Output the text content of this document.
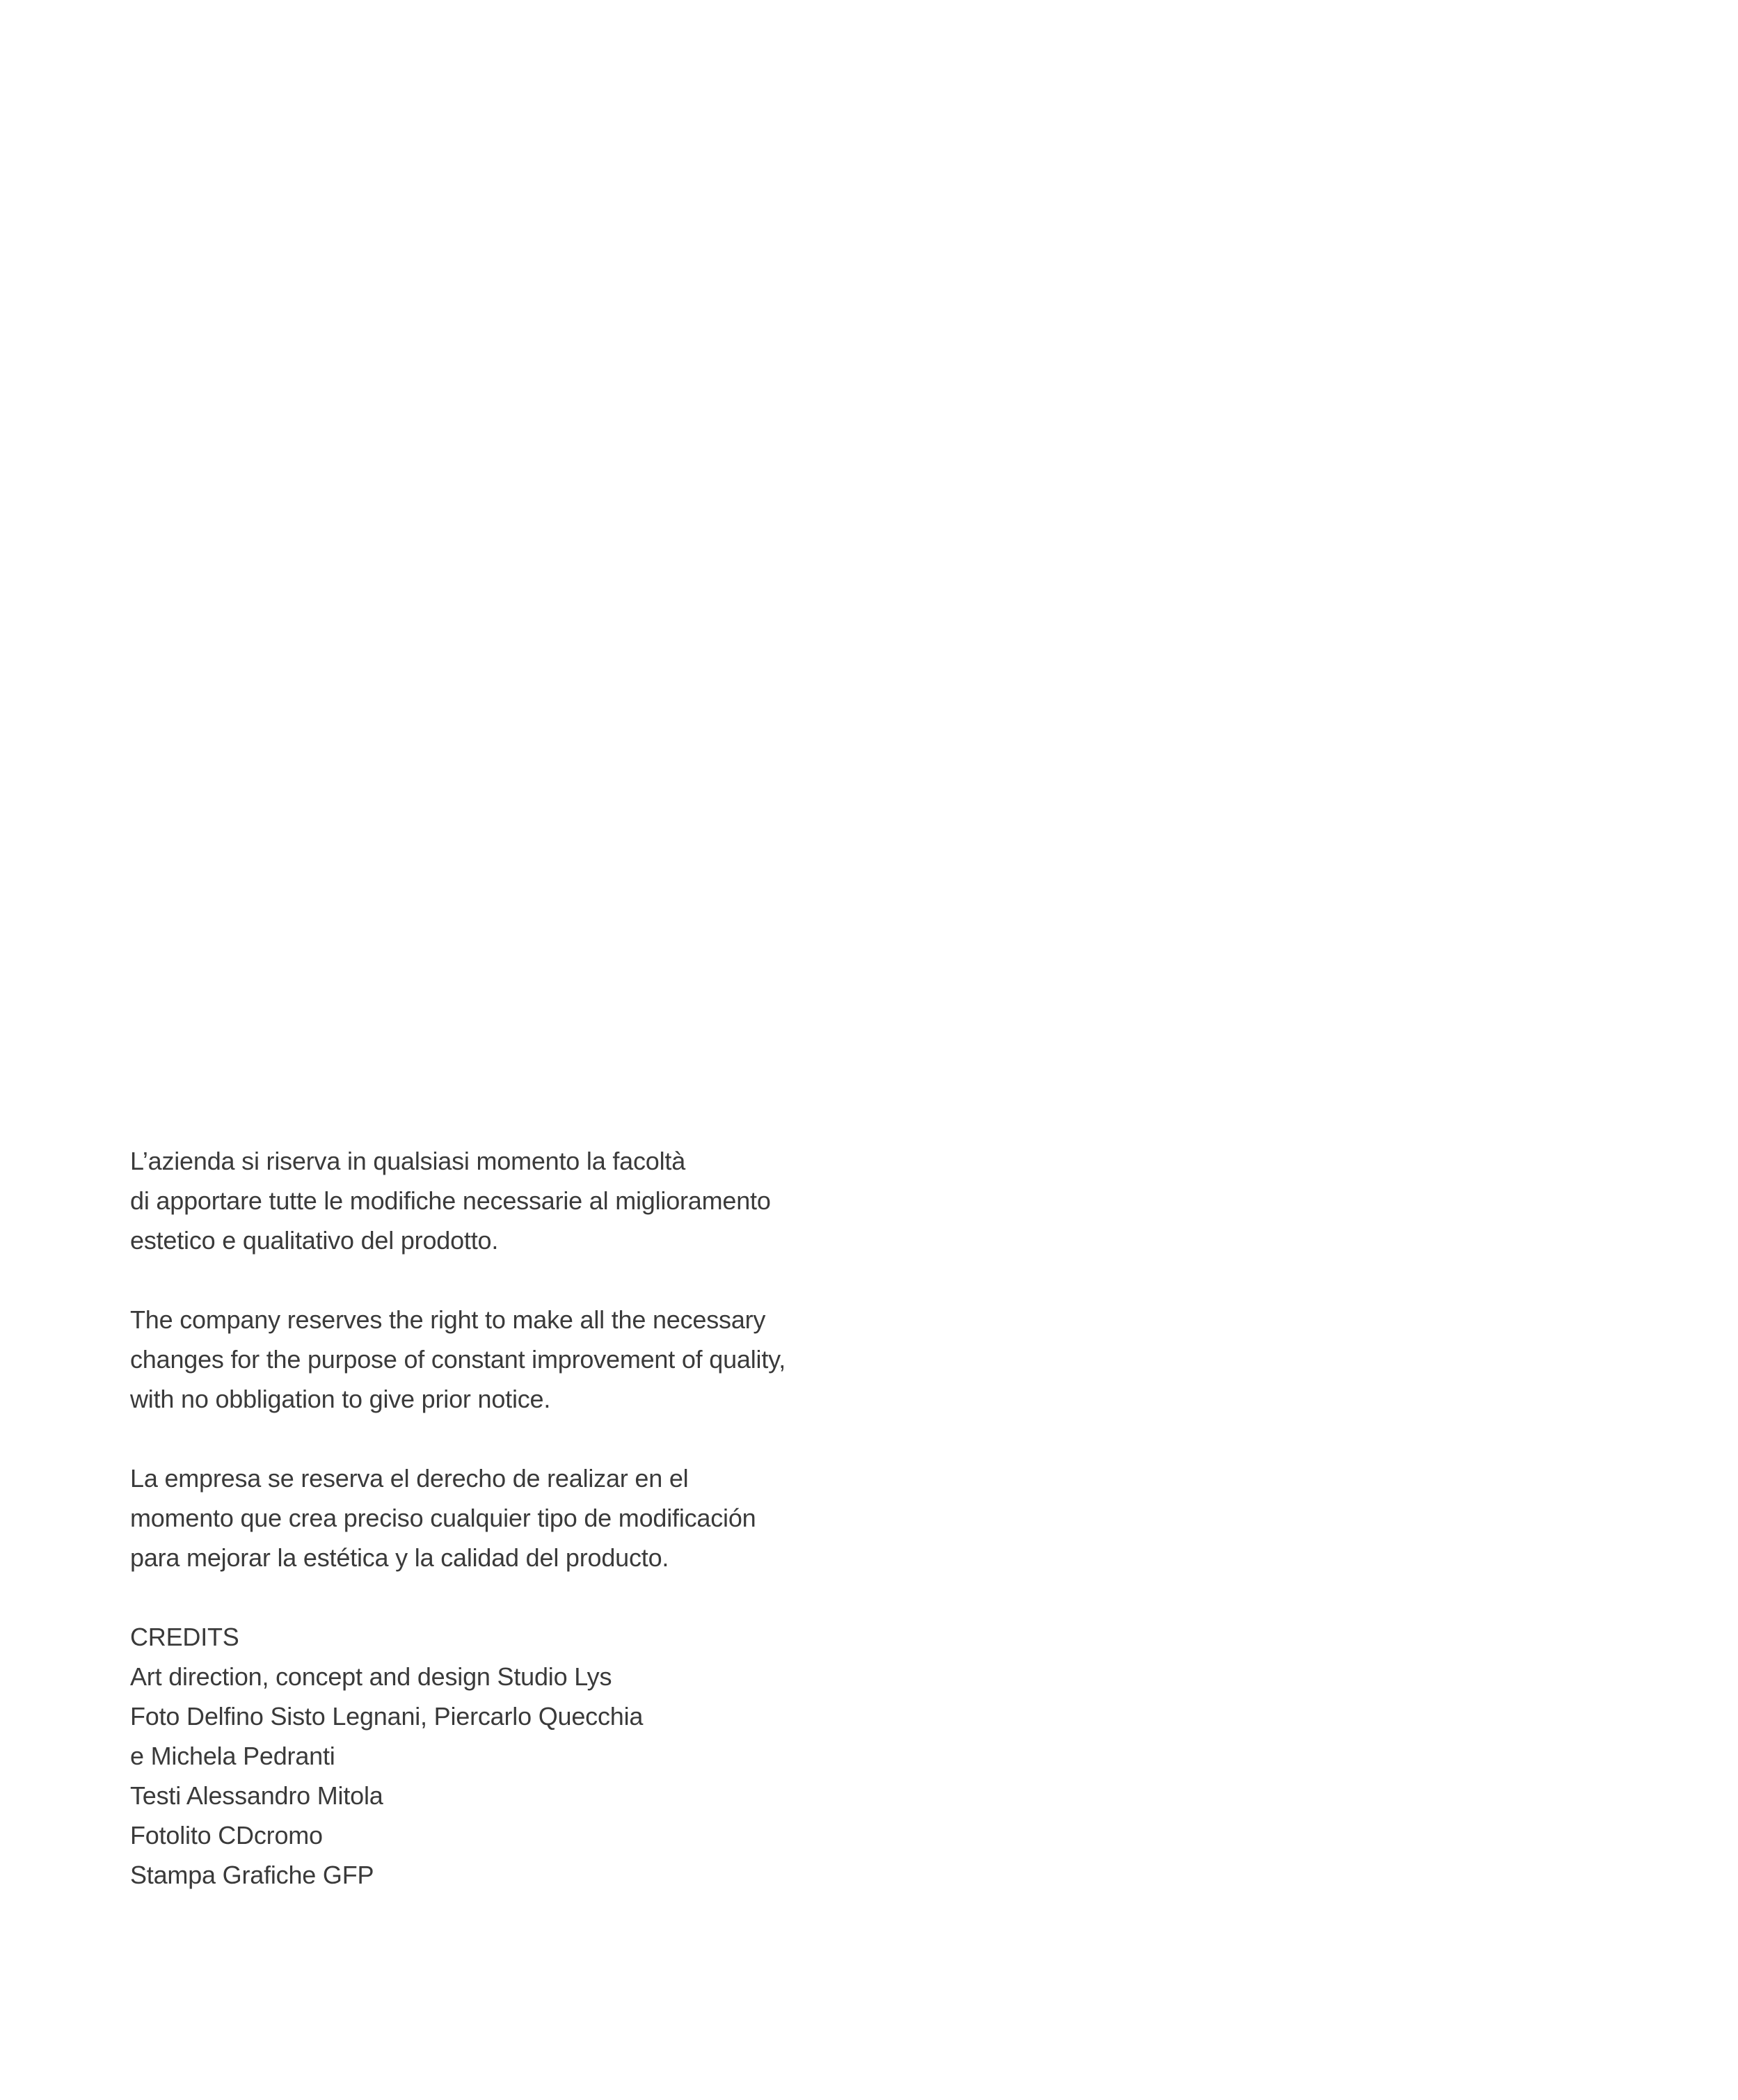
L’azienda si riserva in qualsiasi momento la facoltà
di apportare tutte le modifiche necessarie al miglioramento
estetico e qualitativo del prodotto.

The company reserves the right to make all the necessary
changes for the purpose of constant improvement of quality,
with no obbligation to give prior notice.

La empresa se reserva el derecho de realizar en el
momento que crea preciso cualquier tipo de modificación
para mejorar la estética y la calidad del producto.

CREDITS
Art direction, concept and design Studio Lys
Foto Delfino Sisto Legnani, Piercarlo Quecchia
e Michela Pedranti
Testi Alessandro Mitola
Fotolito CDcromo
Stampa Grafiche GFP
